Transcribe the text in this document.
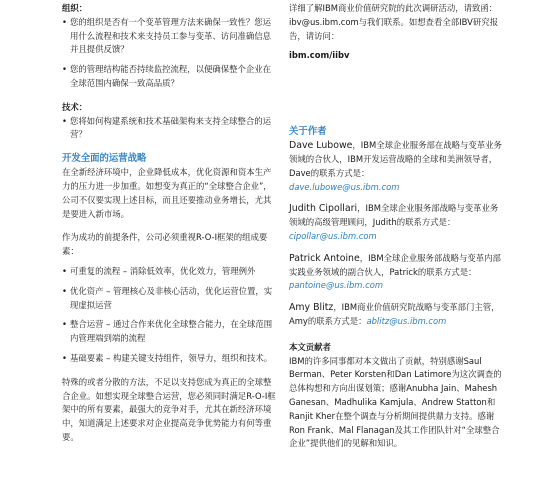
组织：

• 您的组织是否有一个变革管理方法来确保一致性？您运用什么流程和技术来支持员工参与变革、访问准确信息并且提供反馈？
• 您的管理结构能否持续监控流程，以便确保整个企业在全球范围内确保一致高品质？

技术：

• 您将如何构建系统和技术基础架构来支持全球整合的运营？

开发全面的运营战略

在全新经济环境中，企业降低成本，优化资源和资本生产力的压力进一步加重。如想变为真正的“全球整合企业”，公司不仅要实现上述目标，而且还要推动业务增长，尤其是要进入新市场。

作为成功的前提条件，公司必须重视R-O-I框架的组成要素：

• 可重复的流程 – 消除低效率，优化效力，管理例外
• 优化资产 – 管理核心及非核心活动，优化运营位置，实现虚拟运营
• 整合运营 – 通过合作来优化全球整合能力，在全球范围内管理端到端的流程
• 基础要素 – 构建关键支持组件，领导力，组织和技术。

特殊的或者分散的方法，不足以支持您成为真正的全球整合企业。如想实现全球整合运营，您必须同时满足R-O-I框架中的所有要素，最强大的竞争对手，尤其在新经济环境中，知道满足上述要求对企业提高竞争优势能力有何等重要。

详细了解IBM商业价值研究院的此次调研活动，请致函：ibv@us.ibm.com与我们联系。如想查看全部IBV研究报告，请访问：

ibm.com/iibv

关于作者

Dave Lubowe，IBM全球企业服务部在战略与变革业务领域的合伙人，IBM开发运营战略的全球和美洲领导者，Dave的联系方式是：

dave.lubowe@us.ibm.com

Judith Cipollari，IBM全球企业服务部战略与变革业务领域的高级管理顾问，Judith的联系方式是：

cipollar@us.ibm.com

Patrick Antoine，IBM全球企业服务部战略与变革内部实践业务领域的副合伙人，Patrick的联系方式是：

pantoine@us.ibm.com

Amy Blitz，IBM商业价值研究院战略与变革部门主管，Amy的联系方式是：ablitz@us.ibm.com

本文贡献者

IBM的许多同事都对本文做出了贡献，特别感谢Saul Berman、Peter Korsten和Dan Latimore为这次调查的总体构想和方向出谋划策；感谢Anubha Jain、Mahesh Ganesan、Madhulika Kamjula、Andrew Statton和Ranjit Kher在整个调查与分析期间提供鼎力支持。感谢Ron Frank、Mal Flanagan及其工作团队针对“全球整合企业”提供他们的见解和知识。
